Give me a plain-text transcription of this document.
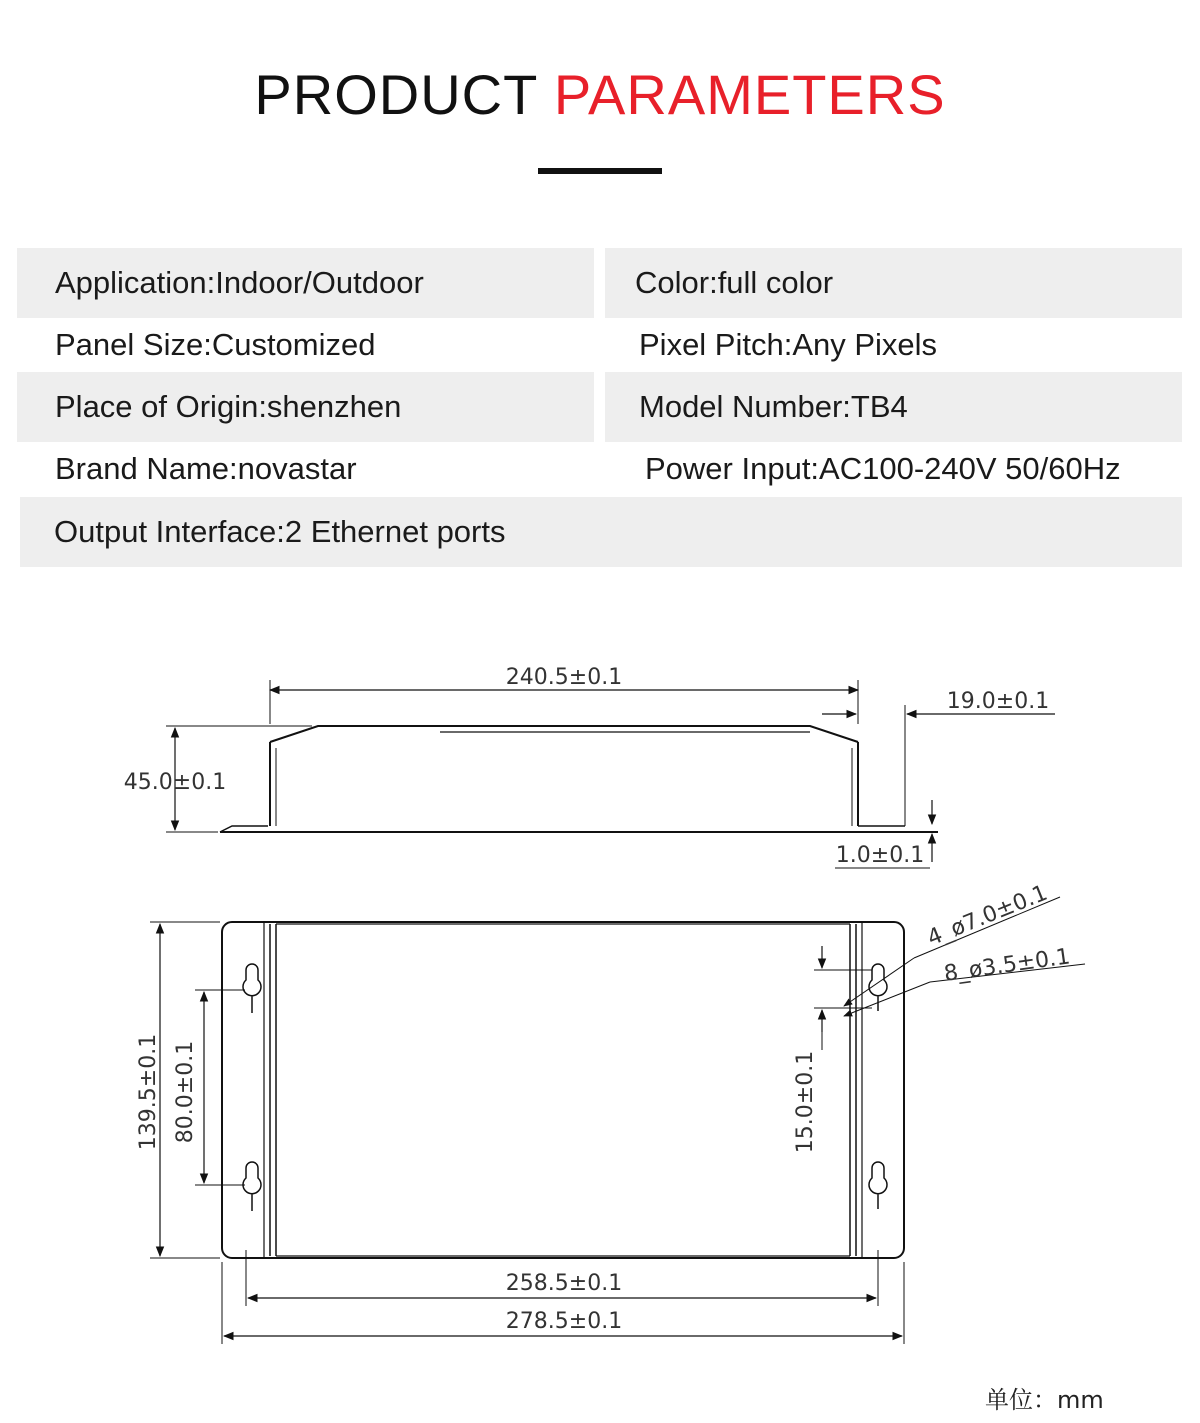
PRODUCT PARAMETERS
Application:Indoor/Outdoor	Color:full color
Panel Size:Customized	Pixel Pitch:Any Pixels
Place of Origin:shenzhen	Model Number:TB4
Brand Name:novastar	Power Input:AC100-240V 50/60Hz
Output Interface:2 Ethernet ports
240.5±0.1
19.0±0.1
45.0±0.1
1.0±0.1
139.5±0.1 80.0±0.1	15.0±0.1
4_ø7.0±0.1
8_ø3.5±0.1
258.5±0.1
278.5±0.1
单位：mm
